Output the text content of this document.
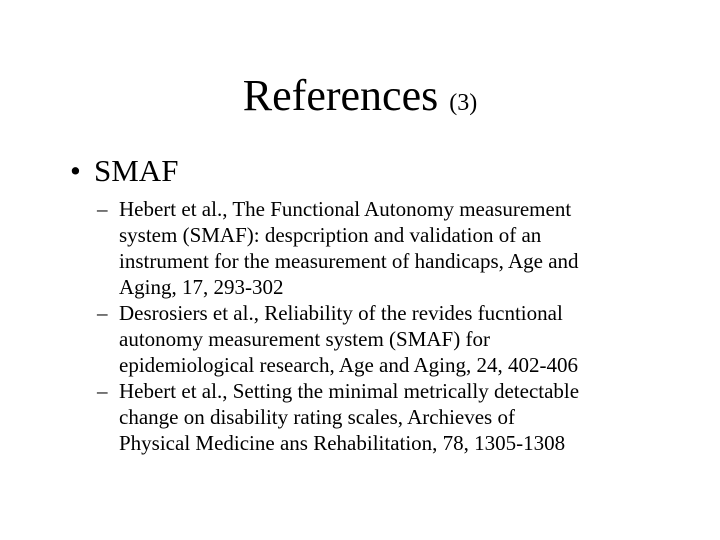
References (3)
• SMAF
– Hebert et al., The Functional Autonomy measurement
system (SMAF): despcription and validation of an
instrument for the measurement of handicaps, Age and
Aging, 17, 293-302
– Desrosiers et al., Reliability of the revides fucntional
autonomy measurement system (SMAF) for
epidemiological research, Age and Aging, 24, 402-406
– Hebert et al., Setting the minimal metrically detectable
change on disability rating scales, Archieves of
Physical Medicine ans Rehabilitation, 78, 1305-1308
